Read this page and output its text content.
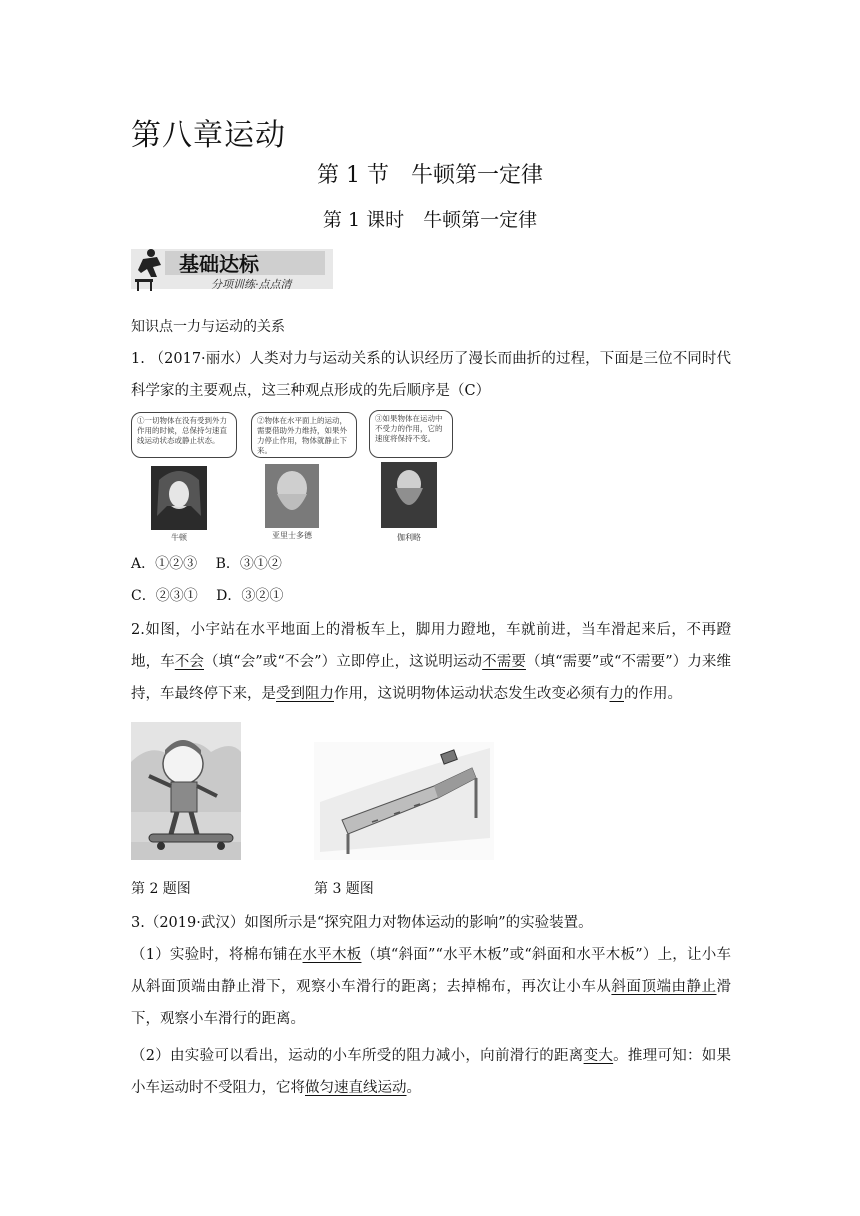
第八章运动
第 1 节　牛顿第一定律
第 1 课时　牛顿第一定律
基础达标
分项训练·点点清
知识点一力与运动的关系
1. （2017·丽水）人类对力与运动关系的认识经历了漫长而曲折的过程，下面是三位不同时代科学家的主要观点，这三种观点形成的先后顺序是（C）
①一切物体在没有受到外力作用的时候，总保持匀速直线运动状态或静止状态。
②物体在水平面上的运动，需要借助外力维持，如果外力停止作用，物体就静止下来。
③如果物体在运动中不受力的作用，它的速度将保持不变。
牛顿	亚里士多德	伽利略
A．①②③ B．③①②
C．②③① D．③②①
2.如图，小宇站在水平地面上的滑板车上，脚用力蹬地，车就前进，当车滑起来后，不再蹬地，车不会（填“会”或“不会”）立即停止，这说明运动不需要（填“需要”或“不需要”）力来维持，车最终停下来，是受到阻力作用，这说明物体运动状态发生改变必须有力的作用。
第 2 题图	第 3 题图
3.（2019·武汉）如图所示是“探究阻力对物体运动的影响”的实验装置。
（1）实验时，将棉布铺在水平木板（填“斜面”“水平木板”或“斜面和水平木板”）上，让小车从斜面顶端由静止滑下，观察小车滑行的距离；去掉棉布，再次让小车从斜面顶端由静止滑下，观察小车滑行的距离。
（2）由实验可以看出，运动的小车所受的阻力减小，向前滑行的距离变大。推理可知：如果小车运动时不受阻力，它将做匀速直线运动。
